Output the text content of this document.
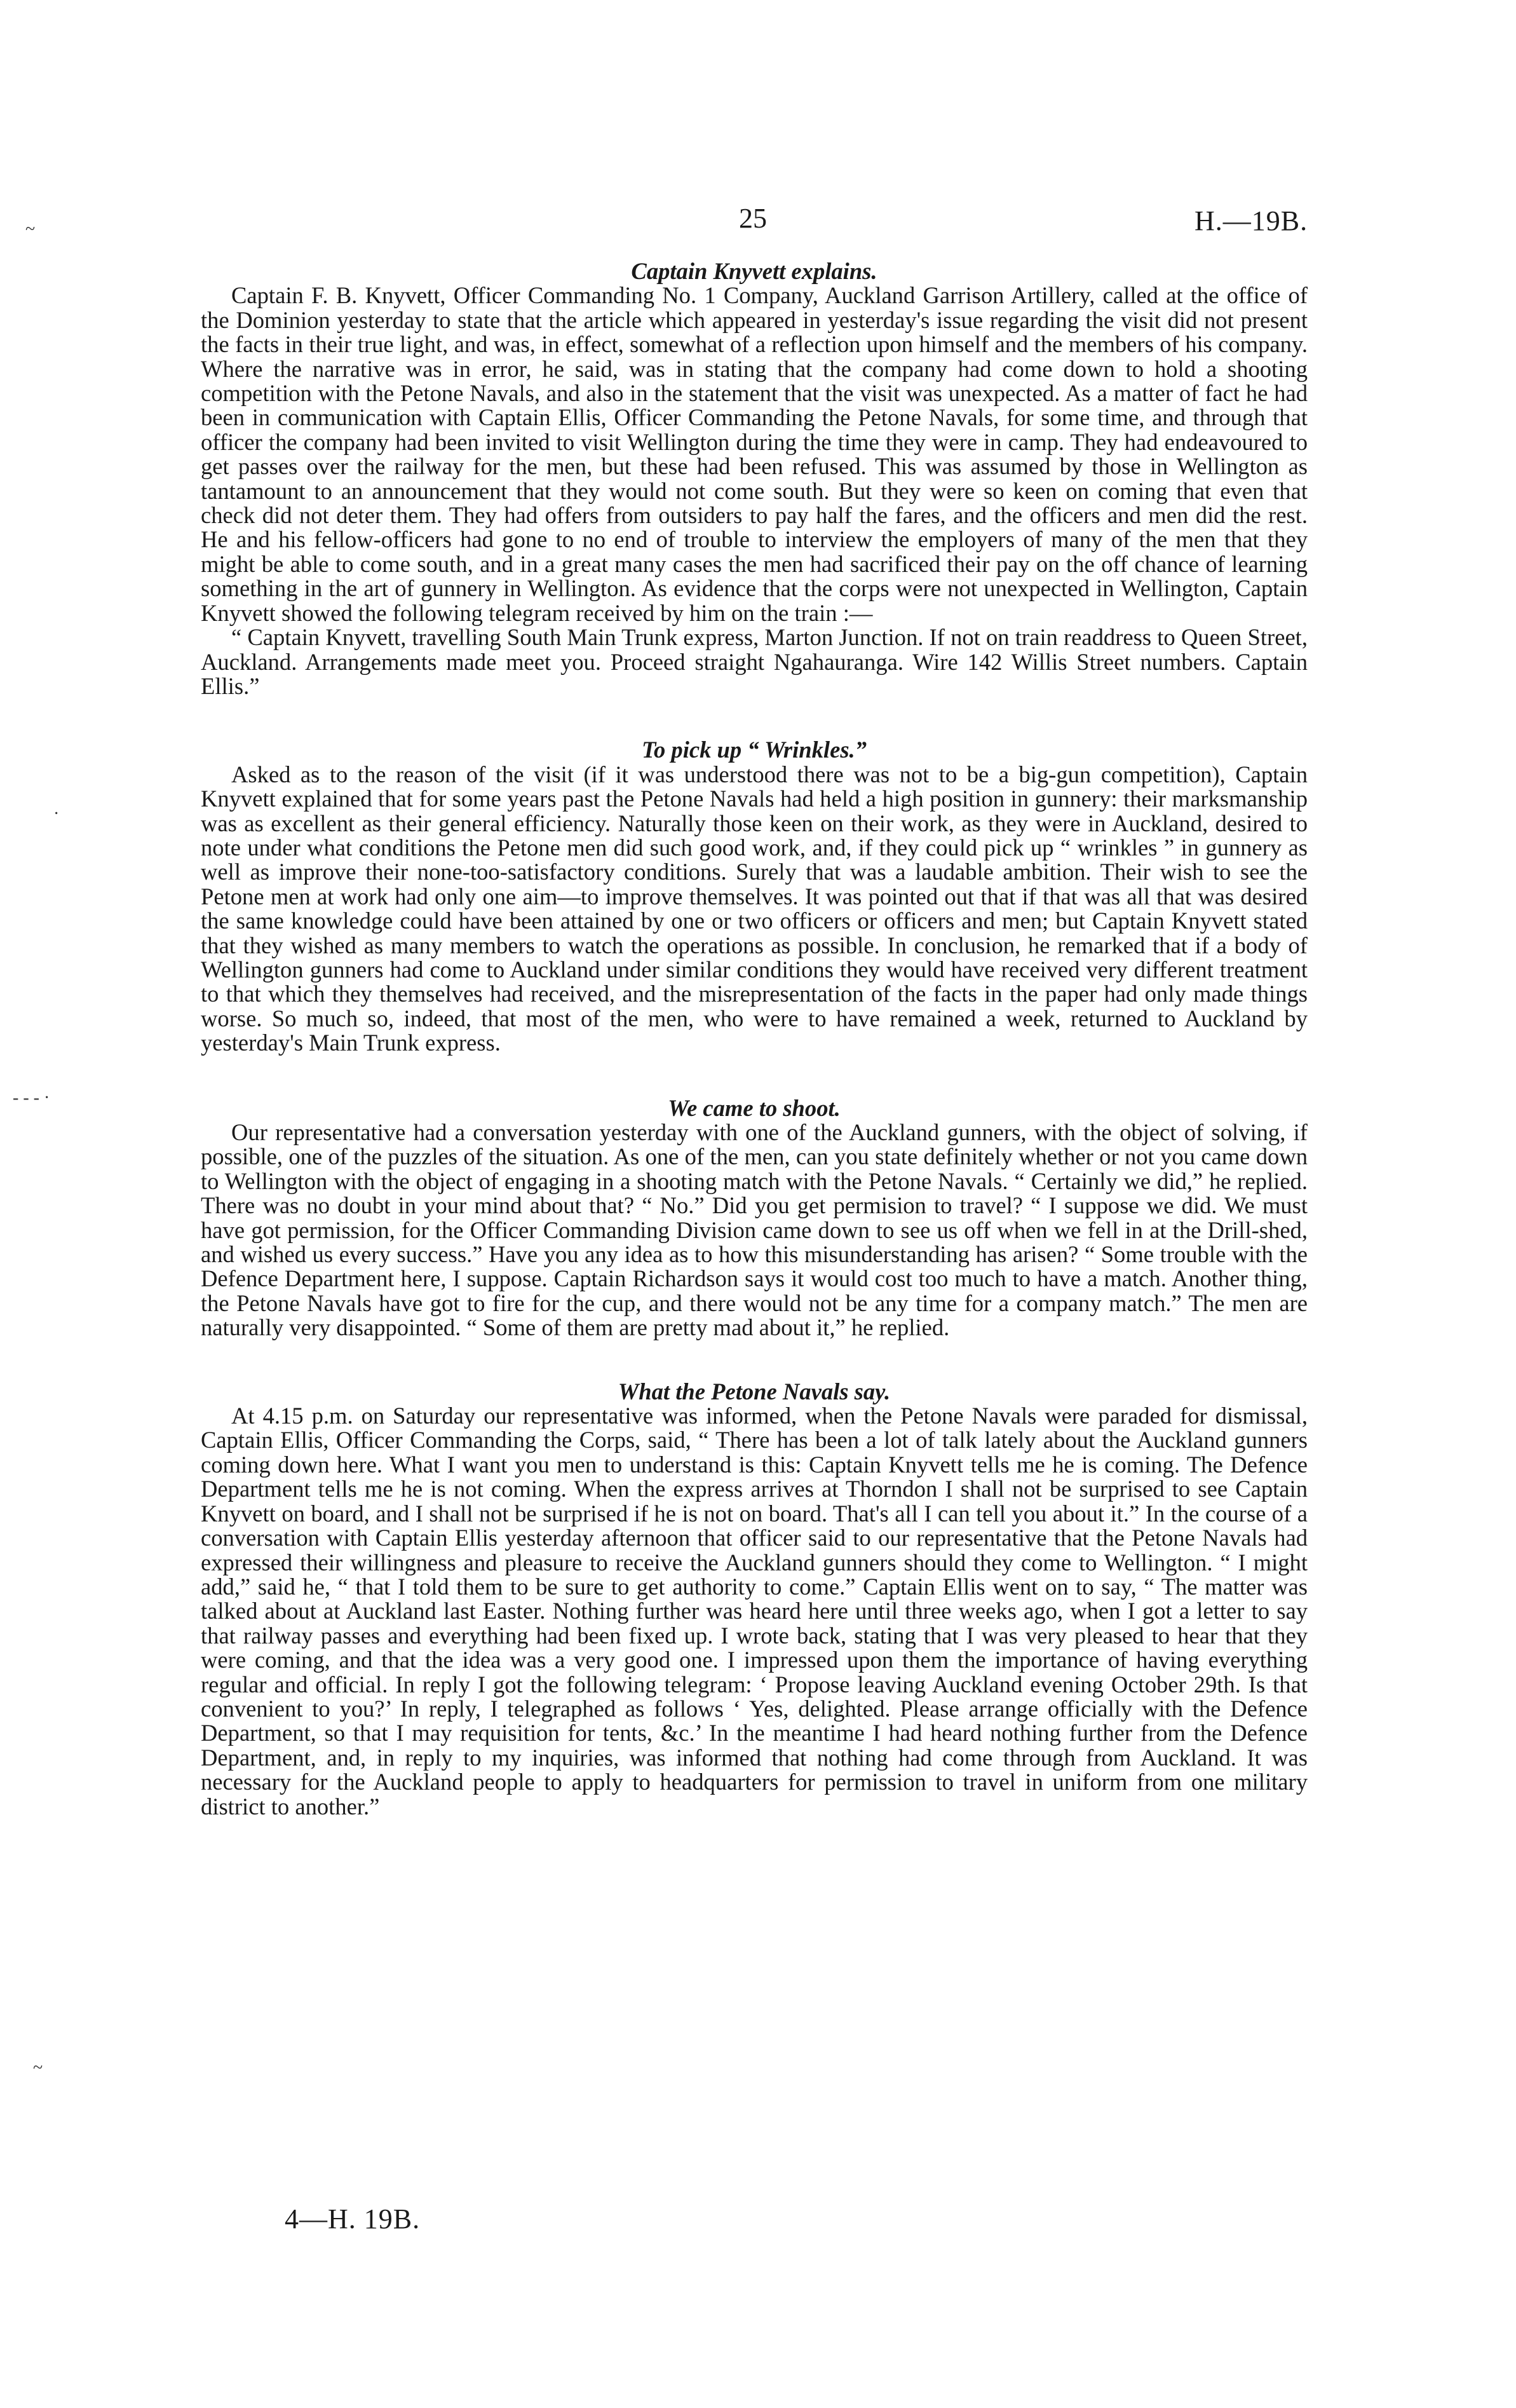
25	H.—19B.
~
·
- - - ·
~
Captain Knyvett explains.

Captain F. B. Knyvett, Officer Commanding No. 1 Company, Auckland Garrison Artillery, called at the office of the Dominion yesterday to state that the article which appeared in yesterday's issue regarding the visit did not present the facts in their true light, and was, in effect, somewhat of a reflection upon himself and the members of his company. Where the narrative was in error, he said, was in stating that the company had come down to hold a shooting competition with the Petone Navals, and also in the statement that the visit was unexpected. As a matter of fact he had been in communication with Captain Ellis, Officer Commanding the Petone Navals, for some time, and through that officer the company had been invited to visit Wellington during the time they were in camp. They had endeavoured to get passes over the railway for the men, but these had been refused. This was assumed by those in Wellington as tantamount to an announcement that they would not come south. But they were so keen on coming that even that check did not deter them. They had offers from outsiders to pay half the fares, and the officers and men did the rest. He and his fellow-officers had gone to no end of trouble to interview the employers of many of the men that they might be able to come south, and in a great many cases the men had sacrificed their pay on the off chance of learning something in the art of gunnery in Wellington. As evidence that the corps were not unexpected in Wellington, Captain Knyvett showed the following telegram received by him on the train :—

“ Captain Knyvett, travelling South Main Trunk express, Marton Junction. If not on train readdress to Queen Street, Auckland. Arrangements made meet you. Proceed straight Ngahauranga. Wire 142 Willis Street numbers. Captain Ellis.”

To pick up “ Wrinkles.”

Asked as to the reason of the visit (if it was understood there was not to be a big-gun competition), Captain Knyvett explained that for some years past the Petone Navals had held a high position in gunnery: their marksmanship was as excellent as their general efficiency. Naturally those keen on their work, as they were in Auckland, desired to note under what conditions the Petone men did such good work, and, if they could pick up “ wrinkles ” in gunnery as well as improve their none-too-satisfactory conditions. Surely that was a laudable ambition. Their wish to see the Petone men at work had only one aim—to improve themselves. It was pointed out that if that was all that was desired the same knowledge could have been attained by one or two officers or officers and men; but Captain Knyvett stated that they wished as many members to watch the operations as possible. In conclusion, he remarked that if a body of Wellington gunners had come to Auckland under similar conditions they would have received very different treatment to that which they themselves had received, and the misrepresentation of the facts in the paper had only made things worse. So much so, indeed, that most of the men, who were to have remained a week, returned to Auckland by yesterday's Main Trunk express.

We came to shoot.

Our representative had a conversation yesterday with one of the Auckland gunners, with the object of solving, if possible, one of the puzzles of the situation. As one of the men, can you state definitely whether or not you came down to Wellington with the object of engaging in a shooting match with the Petone Navals. “ Certainly we did,” he replied. There was no doubt in your mind about that? “ No.” Did you get permision to travel? “ I suppose we did. We must have got permission, for the Officer Commanding Division came down to see us off when we fell in at the Drill-shed, and wished us every success.” Have you any idea as to how this misunderstanding has arisen? “ Some trouble with the Defence Department here, I suppose. Captain Richardson says it would cost too much to have a match. Another thing, the Petone Navals have got to fire for the cup, and there would not be any time for a company match.” The men are naturally very disappointed. “ Some of them are pretty mad about it,” he replied.

What the Petone Navals say.

At 4.15 p.m. on Saturday our representative was informed, when the Petone Navals were paraded for dismissal, Captain Ellis, Officer Commanding the Corps, said, “ There has been a lot of talk lately about the Auckland gunners coming down here. What I want you men to understand is this: Captain Knyvett tells me he is coming. The Defence Department tells me he is not coming. When the express arrives at Thorndon I shall not be surprised to see Captain Knyvett on board, and I shall not be surprised if he is not on board. That's all I can tell you about it.” In the course of a conversation with Captain Ellis yesterday afternoon that officer said to our representative that the Petone Navals had expressed their willingness and pleasure to receive the Auckland gunners should they come to Wellington. “ I might add,” said he, “ that I told them to be sure to get authority to come.” Captain Ellis went on to say, “ The matter was talked about at Auckland last Easter. Nothing further was heard here until three weeks ago, when I got a letter to say that railway passes and everything had been fixed up. I wrote back, stating that I was very pleased to hear that they were coming, and that the idea was a very good one. I impressed upon them the importance of having everything regular and official. In reply I got the following telegram: ‘ Propose leaving Auckland evening October 29th. Is that convenient to you?’ In reply, I telegraphed as follows ‘ Yes, delighted. Please arrange officially with the Defence Department, so that I may requisition for tents, &c.’ In the meantime I had heard nothing further from the Defence Department, and, in reply to my inquiries, was informed that nothing had come through from Auckland. It was necessary for the Auckland people to apply to headquarters for permission to travel in uniform from one military district to another.”

4—H. 19B.
